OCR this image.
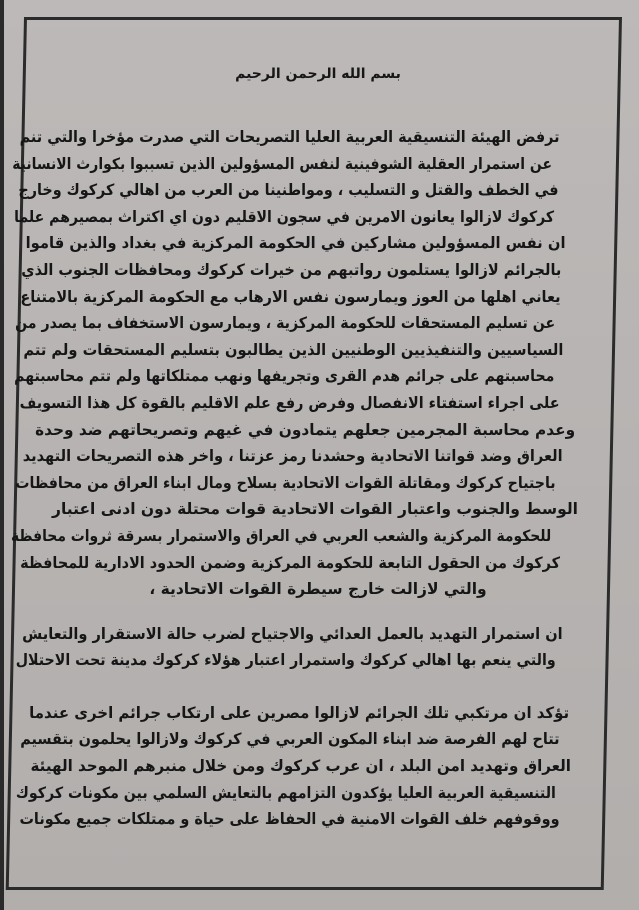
بسم الله الرحمن الرحيم

ترفض الهيئة التنسيقية العربية العليا التصريحات التي صدرت مؤخرا والتي تنم
عن استمرار العقلية الشوفينية لنفس المسؤولين الذين تسببوا بكوارث الانسانية
في الخطف والقتل و التسليب ، ومواطنينا من العرب من اهالي كركوك وخارج
كركوك لازالوا يعانون الامرين في سجون الاقليم دون اي اكتراث بمصيرهم علما
ان نفس المسؤولين مشاركين في الحكومة المركزية في بغداد والذين قاموا
بالجرائم لازالوا يستلمون رواتبهم من خيرات كركوك ومحافظات الجنوب الذي
يعاني اهلها من العوز ويمارسون نفس الارهاب مع الحكومة المركزية بالامتناع
عن تسليم المستحقات للحكومة المركزية ، ويمارسون الاستخفاف بما يصدر من
السياسيين والتنفيذيين الوطنيين الذين يطالبون بتسليم المستحقات ولم تتم
محاسبتهم على جرائم هدم القرى وتجريفها ونهب ممتلكاتها ولم تتم محاسبتهم
على اجراء استفتاء الانفصال وفرض رفع علم الاقليم بالقوة كل هذا التسويف
وعدم محاسبة المجرمين جعلهم يتمادون في غيهم وتصريحاتهم ضد وحدة
العراق وضد قواتنا الاتحادية وحشدنا رمز عزتنا ، واخر هذه التصريحات التهديد
باجتياح كركوك ومقاتلة القوات الاتحادية بسلاح ومال ابناء العراق من محافظات
الوسط والجنوب واعتبار القوات الاتحادية قوات محتلة دون ادنى اعتبار
للحكومة المركزية والشعب العربي في العراق والاستمرار بسرقة ثروات محافظة
كركوك من الحقول التابعة للحكومة المركزية وضمن الحدود الادارية للمحافظة
والتي لازالت خارج سيطرة القوات الاتحادية ،

ان استمرار التهديد بالعمل العدائي والاجتياح لضرب حالة الاستقرار والتعايش
والتي ينعم بها اهالي كركوك واستمرار اعتبار هؤلاء كركوك مدينة تحت الاحتلال

تؤكد ان مرتكبي تلك الجرائم لازالوا مصرين على ارتكاب جرائم اخرى عندما
تتاح لهم الفرصة ضد ابناء المكون العربي في كركوك ولازالوا يحلمون بتقسيم
العراق وتهديد امن البلد ، ان عرب كركوك ومن خلال منبرهم الموحد الهيئة
التنسيقية العربية العليا يؤكدون التزامهم بالتعايش السلمي بين مكونات كركوك
ووقوفهم خلف القوات الامنية في الحفاظ على حياة و ممتلكات جميع مكونات
